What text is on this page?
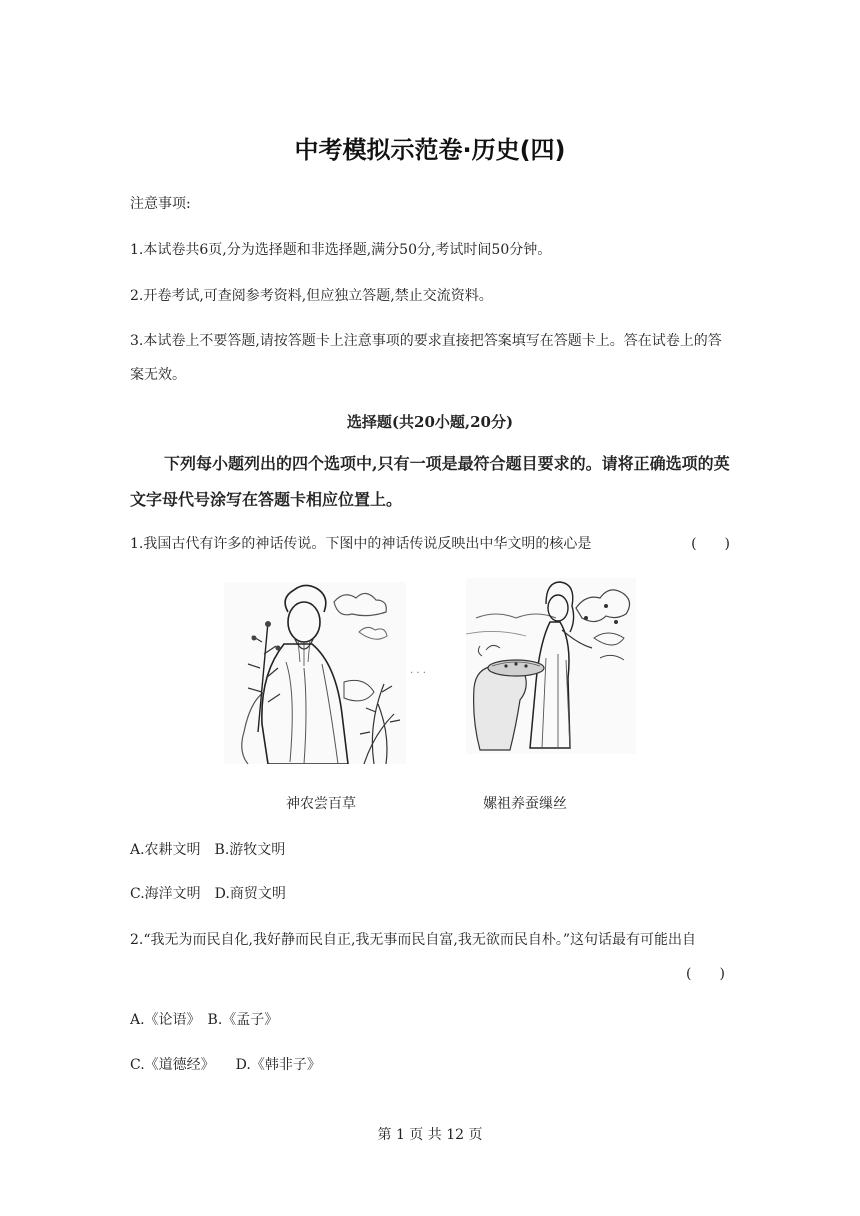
中考模拟示范卷·历史(四)
注意事项:
1.本试卷共6页,分为选择题和非选择题,满分50分,考试时间50分钟。
2.开卷考试,可查阅参考资料,但应独立答题,禁止交流资料。
3.本试卷上不要答题,请按答题卡上注意事项的要求直接把答案填写在答题卡上。答在试卷上的答案无效。
选择题(共20小题,20分)
下列每小题列出的四个选项中,只有一项是最符合题目要求的。请将正确选项的英文字母代号涂写在答题卡相应位置上。
1.我国古代有许多的神话传说。下图中的神话传说反映出中华文明的核心是	(　　)
· · ·
神农尝百草	嫘祖养蚕缫丝
A.农耕文明　B.游牧文明
C.海洋文明　D.商贸文明
2.“我无为而民自化,我好静而民自正,我无事而民自富,我无欲而民自朴。”这句话最有可能出自
(　　)
A.《论语》　B.《孟子》
C.《道德经》　　D.《韩非子》
第 1 页 共 12 页
